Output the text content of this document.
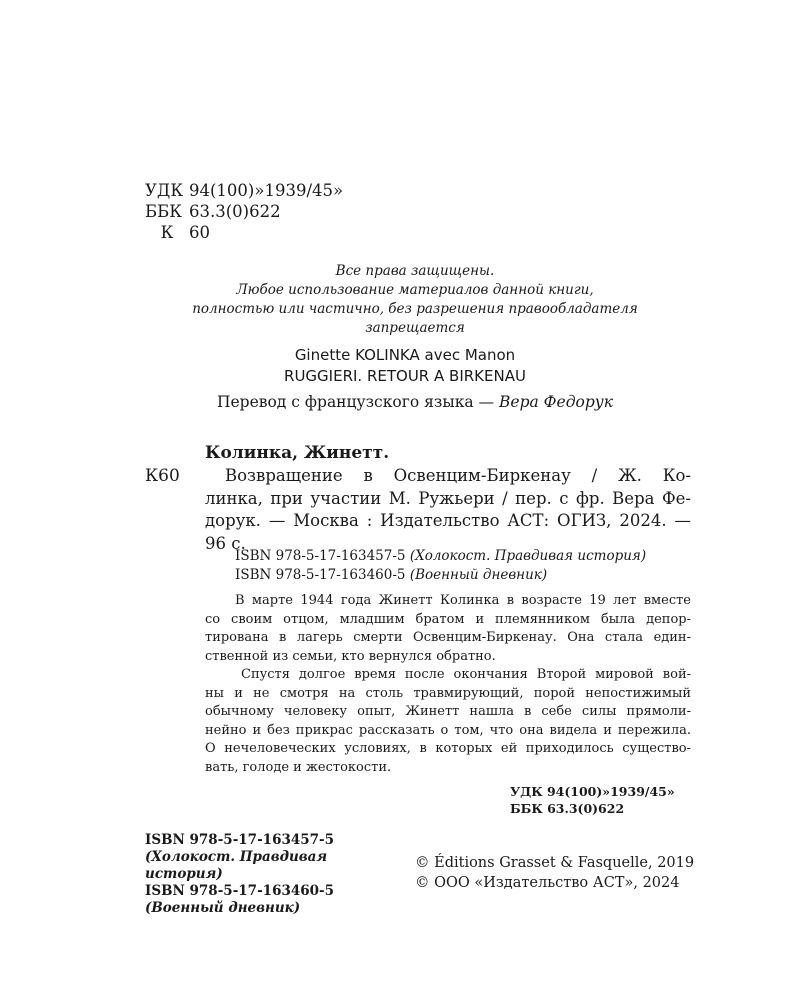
УДК 94(100)»1939/45»
ББК 63.3(0)622
К 60
Все права защищены.
Любое использование материалов данной книги,
полностью или частично, без разрешения правообладателя
запрещается
Ginette KOLINKA avec Manon
RUGGIERI. RETOUR A BIRKENAU
Перевод с французского языка — Вера Федорук
Колинка, Жинетт.
К60	Возвращение в Освенцим-Биркенау / Ж. Ко-
линка, при участии М. Ружьери / пер. с фр. Вера Фе-
дорук. — Москва : Издательство АСТ: ОГИЗ, 2024. —
96 с.
ISBN 978-5-17-163457-5 (Холокост. Правдивая история)
ISBN 978-5-17-163460-5 (Военный дневник)
В марте 1944 года Жинетт Колинка в возрасте 19 лет вместе
со своим отцом, младшим братом и племянником была депор-
тирована в лагерь смерти Освенцим-Биркенау. Она стала един-
ственной из семьи, кто вернулся обратно.
Спустя долгое время после окончания Второй мировой вой-
ны и не смотря на столь травмирующий, порой непостижимый
обычному человеку опыт, Жинетт нашла в себе силы прямоли-
нейно и без прикрас рассказать о том, что она видела и пережила.
О нечеловеческих условиях, в которых ей приходилось существо-
вать, голоде и жестокости.
УДК 94(100)»1939/45»
ББК 63.3(0)622
ISBN 978-5-17-163457-5
(Холокост. Правдивая
история)
ISBN 978-5-17-163460-5
(Военный дневник)
© Éditions Grasset & Fasquelle, 2019
© ООО «Издательство АСТ», 2024
